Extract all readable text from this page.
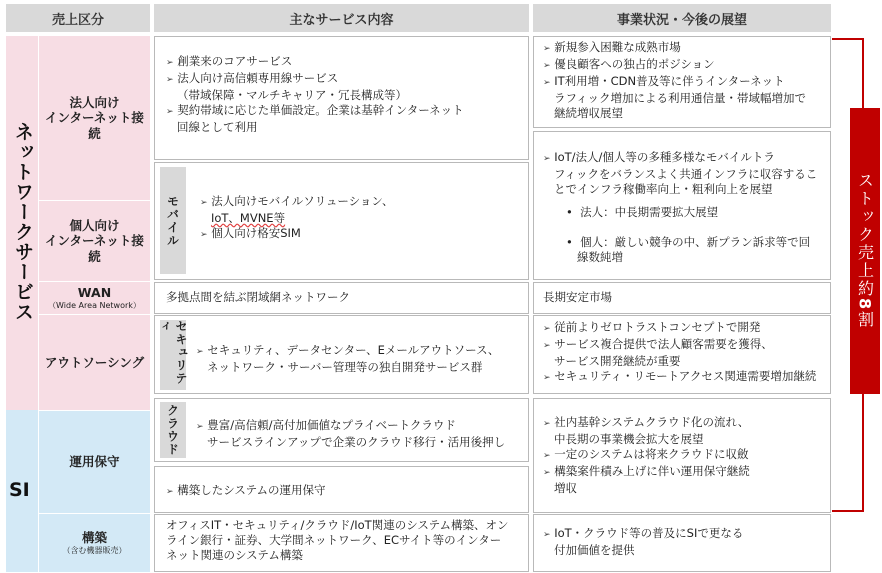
売上区分	主なサービス内容	事業状況・今後の展望
ネットワークサービス
SI
法人向け
インターネット接続
個人向け
インターネット接続
WAN
（Wide Area Network）
アウトソーシング
運用保守
構築
（含む機器販売）
➢ 創業来のコアサービス
➢ 法人向け高信頼専用線サービス
（帯域保障・マルチキャリア・冗長構成等）
➢ 契約帯域に応じた単価設定。企業は基幹インターネット
回線として利用
モバイル ➢ 法人向けモバイルソリューション、
IoT、MVNE等
➢ 個人向け格安SIM
多拠点間を結ぶ閉域網ネットワーク
セキュリティ
➢ セキュリティ、データセンター、Eメールアウトソース、
ネットワーク・サーバー管理等の独自開発サービス群
クラウド ➢ 豊富/高信頼/高付加価値なプライベートクラウド
サービスラインアップで企業のクラウド移行・活用後押し
➢ 構築したシステムの運用保守
オフィスIT・セキュリティ/クラウド/IoT関連のシステム構築、オン
ライン銀行・証券、大学間ネットワーク、ECサイト等のインター
ネット関連のシステム構築
➢ 新規参入困難な成熟市場
➢ 優良顧客への独占的ポジション
➢ IT利用増・CDN普及等に伴うインターネット
ラフィック増加による利用通信量・帯域幅増加で
継続増収展望
➢ IoT/法人/個人等の多種多様なモバイルトラ
フィックをバランスよく共通インフラに収容するこ
とでインフラ稼働率向上・粗利向上を展望
•  法人：中長期需要拡大展望

•  個人：厳しい競争の中、新プラン訴求等で回
線数純増
長期安定市場
➢ 従前よりゼロトラストコンセプトで開発
➢ サービス複合提供で法人顧客需要を獲得、
サービス開発継続が重要
➢ セキュリティ・リモートアクセス関連需要増加継続
➢ 社内基幹システムクラウド化の流れ、
中長期の事業機会拡大を展望
➢ 一定のシステムは将来クラウドに収斂
➢ 構築案件積み上げに伴い運用保守継続
増収
➢ IoT・クラウド等の普及にSIで更なる
付加価値を提供
ストック売上約8割
